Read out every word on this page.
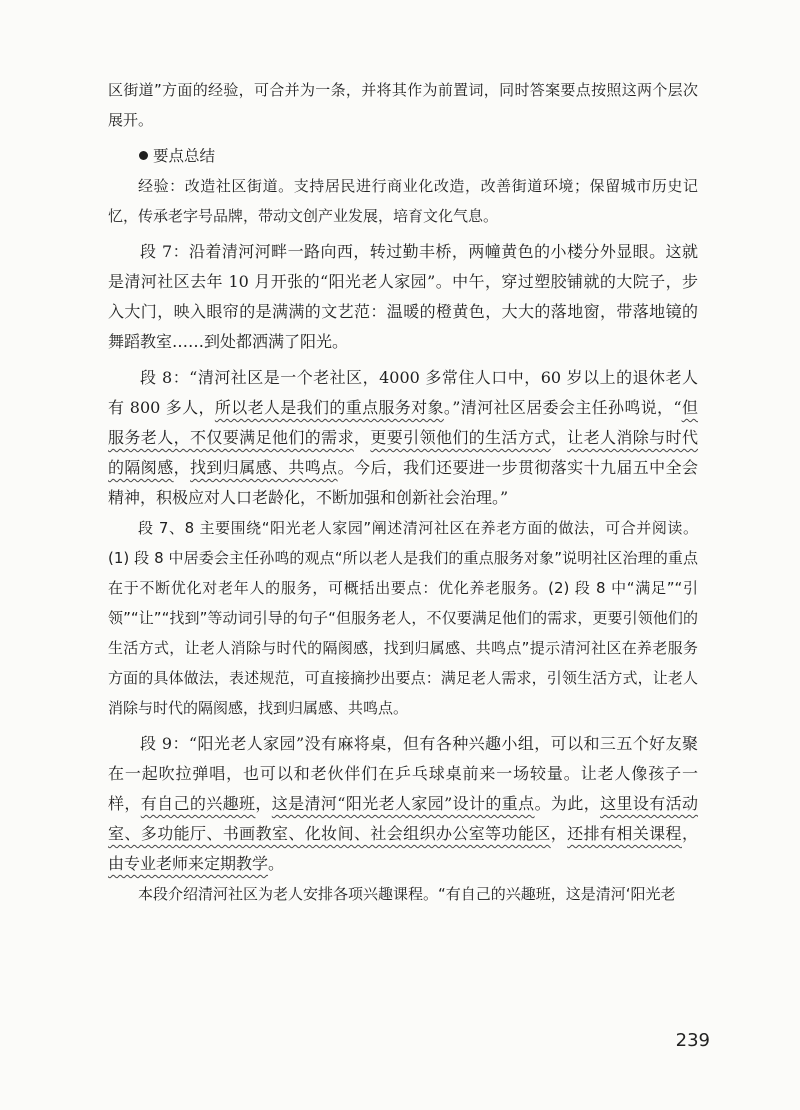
区街道”方面的经验，可合并为一条，并将其作为前置词，同时答案要点按照这两个层次展开。

要点总结

经验：改造社区街道。支持居民进行商业化改造，改善街道环境；保留城市历史记忆，传承老字号品牌，带动文创产业发展，培育文化气息。

段 7：沿着清河河畔一路向西，转过勤丰桥，两幢黄色的小楼分外显眼。这就是清河社区去年 10 月开张的“阳光老人家园”。中午，穿过塑胶铺就的大院子，步入大门，映入眼帘的是满满的文艺范：温暖的橙黄色，大大的落地窗，带落地镜的舞蹈教室……到处都洒满了阳光。

段 8：“清河社区是一个老社区，4000 多常住人口中，60 岁以上的退休老人有 800 多人，所以老人是我们的重点服务对象。”清河社区居委会主任孙鸣说，“但服务老人，不仅要满足他们的需求，更要引领他们的生活方式，让老人消除与时代的隔阂感，找到归属感、共鸣点。今后，我们还要进一步贯彻落实十九届五中全会精神，积极应对人口老龄化，不断加强和创新社会治理。”

段 7、8 主要围绕“阳光老人家园”阐述清河社区在养老方面的做法，可合并阅读。(1) 段 8 中居委会主任孙鸣的观点“所以老人是我们的重点服务对象”说明社区治理的重点在于不断优化对老年人的服务，可概括出要点：优化养老服务。(2) 段 8 中“满足”“引领”“让”“找到”等动词引导的句子“但服务老人，不仅要满足他们的需求，更要引领他们的生活方式，让老人消除与时代的隔阂感，找到归属感、共鸣点”提示清河社区在养老服务方面的具体做法，表述规范，可直接摘抄出要点：满足老人需求，引领生活方式，让老人消除与时代的隔阂感，找到归属感、共鸣点。

段 9：“阳光老人家园”没有麻将桌，但有各种兴趣小组，可以和三五个好友聚在一起吹拉弹唱，也可以和老伙伴们在乒乓球桌前来一场较量。让老人像孩子一样，有自己的兴趣班，这是清河“阳光老人家园”设计的重点。为此，这里设有活动室、多功能厅、书画教室、化妆间、社会组织办公室等功能区，还排有相关课程，由专业老师来定期教学。

本段介绍清河社区为老人安排各项兴趣课程。“有自己的兴趣班，这是清河‘阳光老

239
